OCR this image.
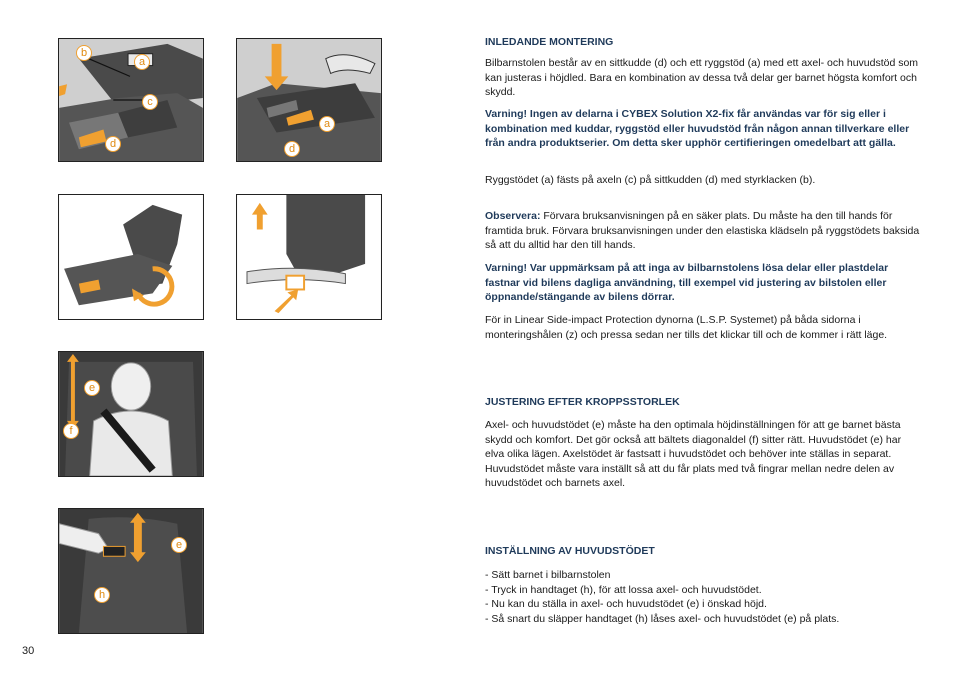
b
a
c
d
a
d
e
f
e
h
30
INLEDANDE MONTERING

Bilbarnstolen består av en sittkudde (d) och ett ryggstöd (a) med ett axel- och huvudstöd som kan justeras i höjdled. Bara en kombination av dessa två delar ger barnet högsta komfort och skydd.

Varning! Ingen av delarna i CYBEX Solution X2-fix får användas var för sig eller i kombination med kuddar, ryggstöd eller huvudstöd från någon annan tillverkare eller från andra produktserier. Om detta sker upphör certifieringen omedelbart att gälla.

Ryggstödet (a) fästs på axeln (c) på sittkudden (d) med styrklacken (b).

Observera: Förvara bruksanvisningen på en säker plats. Du måste ha den till hands för framtida bruk. Förvara bruksanvisningen under den elastiska klädseln på ryggstödets baksida så att du alltid har den till hands.

Varning! Var uppmärksam på att inga av bilbarnstolens lösa delar eller plastdelar fastnar vid bilens dagliga användning, till exempel vid justering av bilstolen eller öppnande/stängande av bilens dörrar.

För in Linear Side-impact Protection dynorna (L.S.P. Systemet) på båda sidorna i monteringshålen (z) och pressa sedan ner tills det klickar till och de kommer i rätt läge.

JUSTERING EFTER KROPPSSTORLEK

Axel- och huvudstödet (e) måste ha den optimala höjdinställningen för att ge barnet bästa skydd och komfort. Det gör också att bältets diagonaldel (f) sitter rätt. Huvudstödet (e) har elva olika lägen. Axelstödet är fastsatt i huvudstödet och behöver inte ställas in separat. Huvudstödet måste vara inställt så att du får plats med två fingrar mellan nedre delen av huvudstödet och barnets axel.

INSTÄLLNING AV HUVUDSTÖDET
- Sätt barnet i bilbarnstolen
- Tryck in handtaget (h), för att lossa axel- och huvudstödet.
- Nu kan du ställa in axel- och huvudstödet (e) i önskad höjd.
- Så snart du släpper handtaget (h) låses axel- och huvudstödet (e) på plats.
